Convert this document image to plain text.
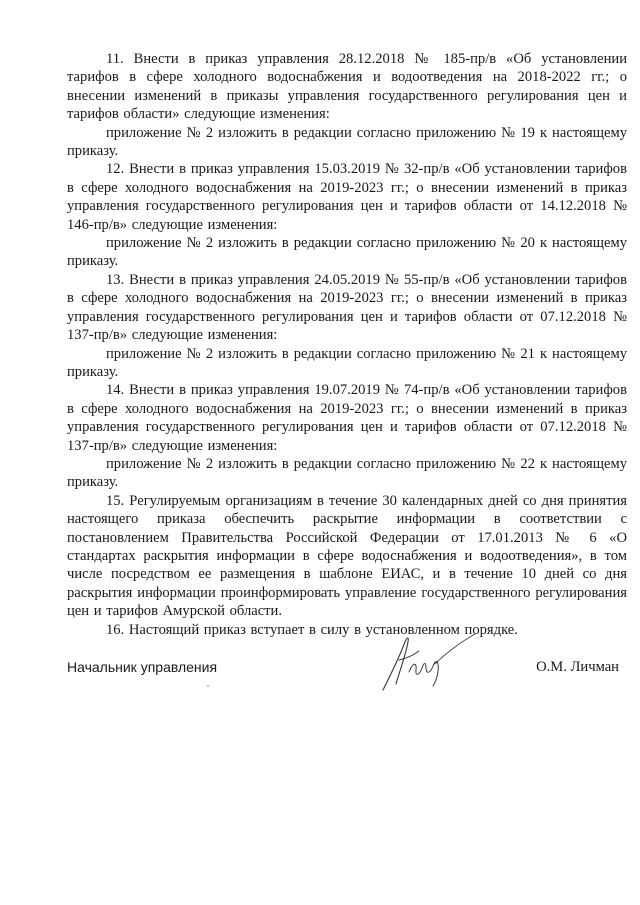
11. Внести в приказ управления 28.12.2018 № 185-пр/в «Об установлении тарифов в сфере холодного водоснабжения и водоотведения на 2018-2022 гг.; о внесении изменений в приказы управления государственного регулирования цен и тарифов области» следующие изменения:

приложение № 2 изложить в редакции согласно приложению № 19 к настоящему приказу.

12. Внести в приказ управления 15.03.2019 № 32-пр/в «Об установлении тарифов в сфере холодного водоснабжения на 2019-2023 гг.; о внесении изменений в приказ управления государственного регулирования цен и тарифов области от 14.12.2018 № 146-пр/в» следующие изменения:

приложение № 2 изложить в редакции согласно приложению № 20 к настоящему приказу.

13. Внести в приказ управления 24.05.2019 № 55-пр/в «Об установлении тарифов в сфере холодного водоснабжения на 2019-2023 гг.; о внесении изменений в приказ управления государственного регулирования цен и тарифов области от 07.12.2018 № 137-пр/в» следующие изменения:

приложение № 2 изложить в редакции согласно приложению № 21 к настоящему приказу.

14. Внести в приказ управления 19.07.2019 № 74-пр/в «Об установлении тарифов в сфере холодного водоснабжения на 2019-2023 гг.; о внесении изменений в приказ управления государственного регулирования цен и тарифов области от 07.12.2018 № 137-пр/в» следующие изменения:

приложение № 2 изложить в редакции согласно приложению № 22 к настоящему приказу.

15. Регулируемым организациям в течение 30 календарных дней со дня принятия настоящего приказа обеспечить раскрытие информации в соответствии с постановлением Правительства Российской Федерации от 17.01.2013 № 6 «О стандартах раскрытия информации в сфере водоснабжения и водоотведения», в том числе посредством ее размещения в шаблоне ЕИАС, и в течение 10 дней со дня раскрытия информации проинформировать управление государственного регулирования цен и тарифов Амурской области.

16. Настоящий приказ вступает в силу в установленном порядке.

Начальник управления	О.М. Личман
